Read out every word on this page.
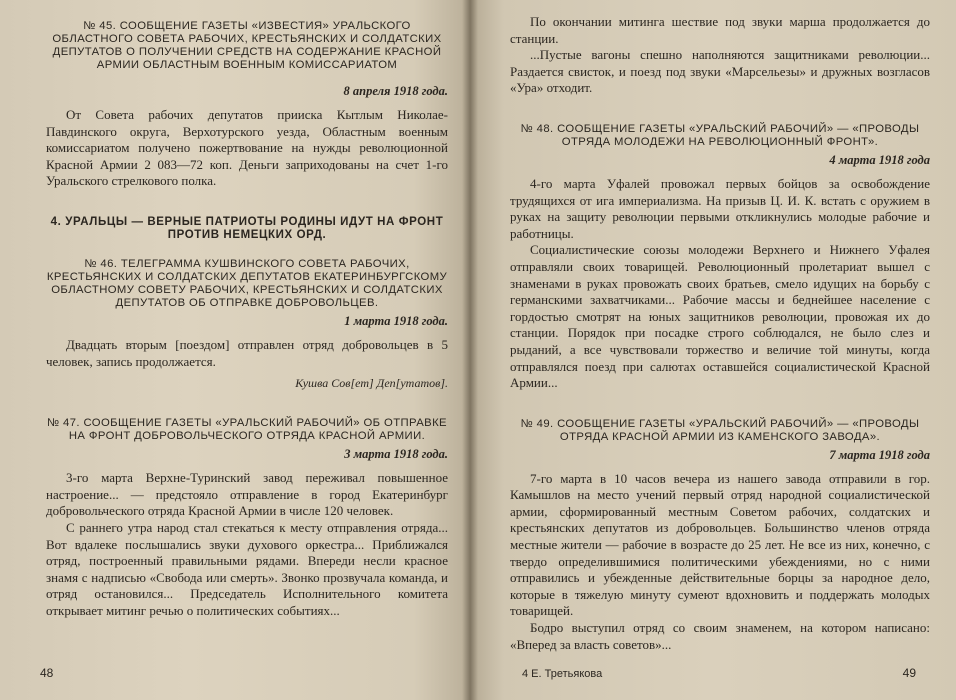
№ 45. СООБЩЕНИЕ ГАЗЕТЫ «ИЗВЕСТИЯ» УРАЛЬСКОГО ОБЛАСТНОГО СОВЕТА РАБОЧИХ, КРЕСТЬЯНСКИХ И СОЛДАТСКИХ ДЕПУТАТОВ О ПОЛУЧЕНИИ СРЕДСТВ НА СОДЕРЖАНИЕ КРАСНОЙ АРМИИ ОБЛАСТНЫМ ВОЕННЫМ КОМИССАРИАТОМ

8 апреля 1918 года.

От Совета рабочих депутатов прииска Кытлым Николае-Павдинского округа, Верхотурского уезда, Областным военным комиссариатом получено пожертвование на нужды революционной Красной Армии 2 083—72 коп. Деньги заприходованы на счет 1-го Уральского стрелкового полка.

4. УРАЛЬЦЫ — ВЕРНЫЕ ПАТРИОТЫ РОДИНЫ ИДУТ НА ФРОНТ ПРОТИВ НЕМЕЦКИХ ОРД.

№ 46. ТЕЛЕГРАММА КУШВИНСКОГО СОВЕТА РАБОЧИХ, КРЕСТЬЯНСКИХ И СОЛДАТСКИХ ДЕПУТАТОВ ЕКАТЕРИНБУРГСКОМУ ОБЛАСТНОМУ СОВЕТУ РАБОЧИХ, КРЕСТЬЯНСКИХ И СОЛДАТСКИХ ДЕПУТАТОВ ОБ ОТПРАВКЕ ДОБРОВОЛЬЦЕВ.

1 марта 1918 года.

Двадцать вторым [поездом] отправлен отряд добровольцев в 5 человек, запись продолжается.

Кушва Сов[ет] Деп[утатов].

№ 47. СООБЩЕНИЕ ГАЗЕТЫ «УРАЛЬСКИЙ РАБОЧИЙ» ОБ ОТПРАВКЕ НА ФРОНТ ДОБРОВОЛЬЧЕСКОГО ОТРЯДА КРАСНОЙ АРМИИ.

3 марта 1918 года.

3-го марта Верхне-Туринский завод переживал повышенное настроение... — предстояло отправление в город Екатеринбург добровольческого отряда Красной Армии в числе 120 человек.

С раннего утра народ стал стекаться к месту отправления отряда... Вот вдалеке послышались звуки духового оркестра... Приближался отряд, построенный правильными рядами. Впереди несли красное знамя с надписью «Свобода или смерть». Звонко прозвучала команда, и отряд остановился... Председатель Исполнительного комитета открывает митинг речью о политических событиях...

48

По окончании митинга шествие под звуки марша продолжается до станции.

...Пустые вагоны спешно наполняются защитниками революции... Раздается свисток, и поезд под звуки «Марсельезы» и дружных возгласов «Ура» отходит.

№ 48. СООБЩЕНИЕ ГАЗЕТЫ «УРАЛЬСКИЙ РАБОЧИЙ» — «ПРОВОДЫ ОТРЯДА МОЛОДЕЖИ НА РЕВОЛЮЦИОННЫЙ ФРОНТ».

4 марта 1918 года

4-го марта Уфалей провожал первых бойцов за освобождение трудящихся от ига империализма. На призыв Ц. И. К. встать с оружием в руках на защиту революции первыми откликнулись молодые рабочие и работницы.

Социалистические союзы молодежи Верхнего и Нижнего Уфалея отправляли своих товарищей. Революционный пролетариат вышел с знаменами в руках провожать своих братьев, смело идущих на борьбу с германскими захватчиками... Рабочие массы и беднейшее население с гордостью смотрят на юных защитников революции, провожая их до станции. Порядок при посадке строго соблюдался, не было слез и рыданий, а все чувствовали торжество и величие той минуты, когда отправлялся поезд при салютах оставшейся социалистической Красной Армии...

№ 49. СООБЩЕНИЕ ГАЗЕТЫ «УРАЛЬСКИЙ РАБОЧИЙ» — «ПРОВОДЫ ОТРЯДА КРАСНОЙ АРМИИ ИЗ КАМЕНСКОГО ЗАВОДА».

7 марта 1918 года

7-го марта в 10 часов вечера из нашего завода отправили в гор. Камышлов на место учений первый отряд народной социалистической армии, сформированный местным Советом рабочих, солдатских и крестьянских депутатов из добровольцев. Большинство членов отряда местные жители — рабочие в возрасте до 25 лет. Не все из них, конечно, с твердо определившимися политическими убеждениями, но с ними отправились и убежденные действительные борцы за народное дело, которые в тяжелую минуту сумеют вдохновить и поддержать молодых товарищей.

Бодро выступил отряд со своим знаменем, на котором написано: «Вперед за власть советов»...

4 Е. Третьякова	49
